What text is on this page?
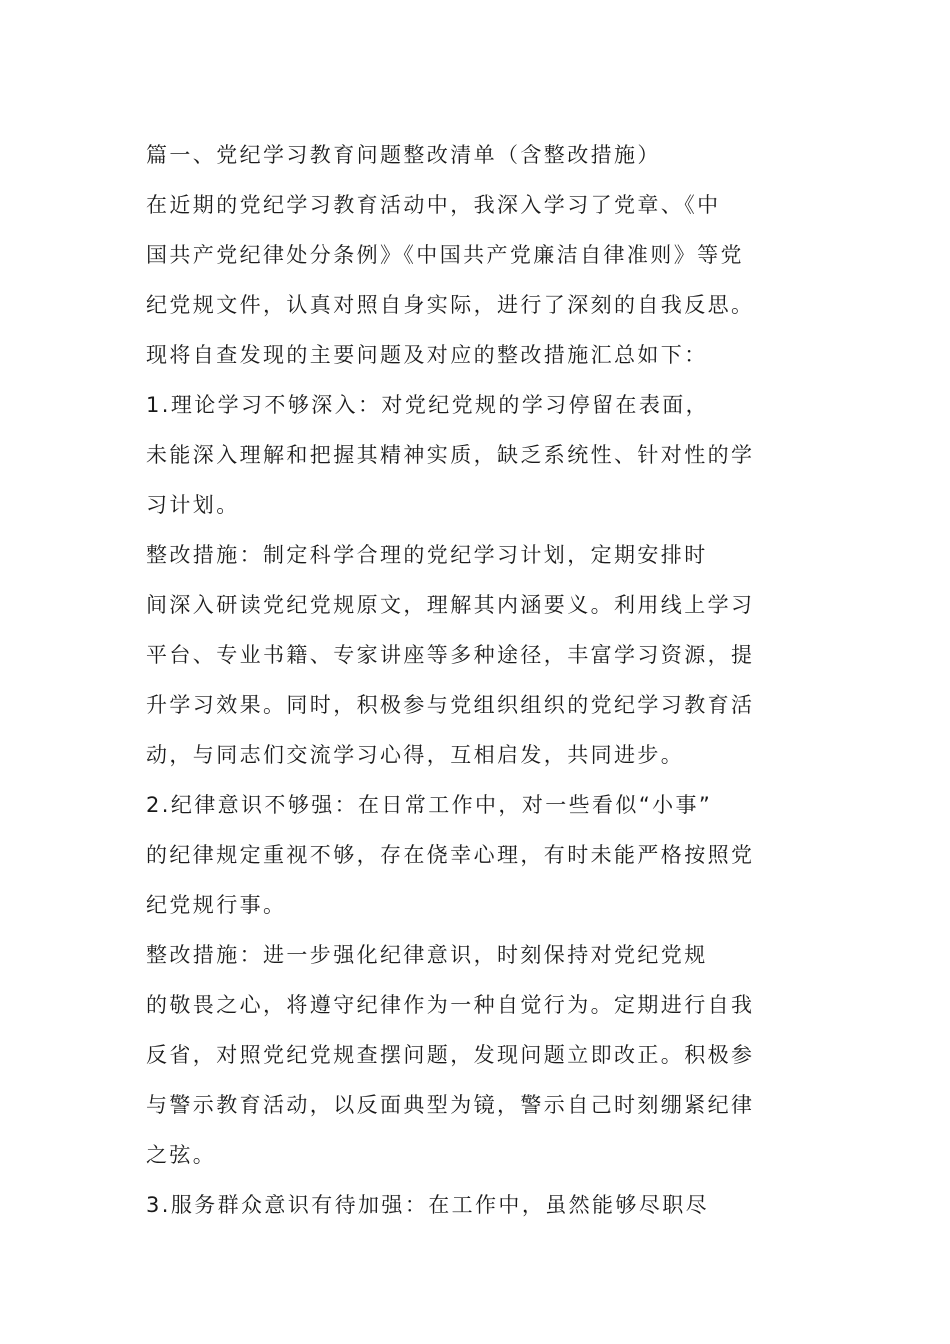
篇一、党纪学习教育问题整改清单（含整改措施）
在近期的党纪学习教育活动中，我深入学习了党章、《中
国共产党纪律处分条例》《中国共产党廉洁自律准则》等党
纪党规文件，认真对照自身实际，进行了深刻的自我反思。
现将自查发现的主要问题及对应的整改措施汇总如下：
1.理论学习不够深入：对党纪党规的学习停留在表面，
未能深入理解和把握其精神实质，缺乏系统性、针对性的学
习计划。
整改措施：制定科学合理的党纪学习计划，定期安排时
间深入研读党纪党规原文，理解其内涵要义。利用线上学习
平台、专业书籍、专家讲座等多种途径，丰富学习资源，提
升学习效果。同时，积极参与党组织组织的党纪学习教育活
动，与同志们交流学习心得，互相启发，共同进步。
2.纪律意识不够强：在日常工作中，对一些看似“小事”
的纪律规定重视不够，存在侥幸心理，有时未能严格按照党
纪党规行事。
整改措施：进一步强化纪律意识，时刻保持对党纪党规
的敬畏之心，将遵守纪律作为一种自觉行为。定期进行自我
反省，对照党纪党规查摆问题，发现问题立即改正。积极参
与警示教育活动，以反面典型为镜，警示自己时刻绷紧纪律
之弦。
3.服务群众意识有待加强：在工作中，虽然能够尽职尽
